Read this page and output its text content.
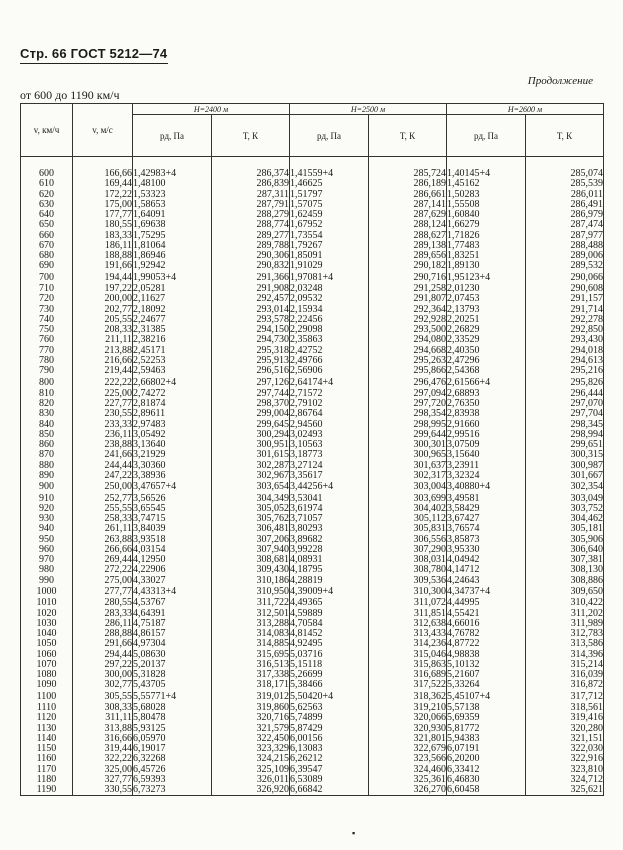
Стр. 66 ГОСТ 5212—74
Продолжение
от 600 до 1190 км/ч
v, км/ч	v, м/с	H=2400 м		H=2500 м		H=2600 м	
		pд, Па	T, К	pд, Па	T, К	pд, Па	T, К
600	166,66	1,42983+4	286,374	1,41559+4	285,724	1,40145+4	285,074
610	169,44	1,48100	286,839	1,46625	286,189	1,45162	285,539
620	172,22	1,53323	287,311	1,51797	286,661	1,50283	286,011
630	175,00	1,58653	287,791	1,57075	287,141	1,55508	286,491
640	177,77	1,64091	288,279	1,62459	287,629	1,60840	286,979
650	180,55	1,69638	288,774	1,67952	288,124	1,66279	287,474
660	183,33	1,75295	289,277	1,73554	288,627	1,71826	287,977
670	186,11	1,81064	289,788	1,79267	289,138	1,77483	288,488
680	188,88	1,86946	290,306	1,85091	289,656	1,83251	289,006
690	191,66	1,92942	290,832	1,91029	290,182	1,89130	289,532
700	194,44	1,99053+4	291,366	1,97081+4	290,716	1,95123+4	290,066
710	197,22	2,05281	291,908	2,03248	291,258	2,01230	290,608
720	200,00	2,11627	292,457	2,09532	291,807	2,07453	291,157
730	202,77	2,18092	293,014	2,15934	292,364	2,13793	291,714
740	205,55	2,24677	293,578	2,22456	292,928	2,20251	292,278
750	208,33	2,31385	294,150	2,29098	293,500	2,26829	292,850
760	211,11	2,38216	294,730	2,35863	294,080	2,33529	293,430
770	213,88	2,45171	295,318	2,42752	294,668	2,40350	294,018
780	216,66	2,52253	295,913	2,49766	295,263	2,47296	294,613
790	219,44	2,59463	296,516	2,56906	295,866	2,54368	295,216
800	222,22	2,66802+4	297,126	2,64174+4	296,476	2,61566+4	295,826
810	225,00	2,74272	297,744	2,71572	297,094	2,68893	296,444
820	227,77	2,81874	298,370	2,79102	297,720	2,76350	297,070
830	230,55	2,89611	299,004	2,86764	298,354	2,83938	297,704
840	233,33	2,97483	299,645	2,94560	298,995	2,91660	298,345
850	236,11	3,05492	300,294	3,02493	299,644	2,99516	298,994
860	238,88	3,13640	300,951	3,10563	300,301	3,07509	299,651
870	241,66	3,21929	301,615	3,18773	300,965	3,15640	300,315
880	244,44	3,30360	302,287	3,27124	301,637	3,23911	300,987
890	247,22	3,38936	302,967	3,35617	302,317	3,32324	301,667
900	250,00	3,47657+4	303,654	3,44256+4	303,004	3,40880+4	302,354
910	252,77	3,56526	304,349	3,53041	303,699	3,49581	303,049
920	255,55	3,65545	305,052	3,61974	304,402	3,58429	303,752
930	258,33	3,74715	305,762	3,71057	305,112	3,67427	304,462
940	261,11	3,84039	306,481	3,80293	305,831	3,76574	305,181
950	263,88	3,93518	307,206	3,89682	306,556	3,85873	305,906
960	266,66	4,03154	307,940	3,99228	307,290	3,95330	306,640
970	269,44	4,12950	308,681	4,08931	308,031	4,04942	307,381
980	272,22	4,22906	309,430	4,18795	308,780	4,14712	308,130
990	275,00	4,33027	310,186	4,28819	309,536	4,24643	308,886
1000	277,77	4,43313+4	310,950	4,39009+4	310,300	4,34737+4	309,650
1010	280,55	4,53767	311,722	4,49365	311,072	4,44995	310,422
1020	283,33	4,64391	312,501	4,59889	311,851	4,55421	311,202
1030	286,11	4,75187	313,288	4,70584	312,638	4,66016	311,989
1040	288,88	4,86157	314,083	4,81452	313,433	4,76782	312,783
1050	291,66	4,97304	314,885	4,92495	314,236	4,87722	313,586
1060	294,44	5,08630	315,695	5,03716	315,046	4,98838	314,396
1070	297,22	5,20137	316,513	5,15118	315,863	5,10132	315,214
1080	300,00	5,31828	317,338	5,26699	316,689	5,21607	316,039
1090	302,77	5,43705	318,171	5,38466	317,522	5,33264	316,872
1100	305,55	5,55771+4	319,012	5,50420+4	318,362	5,45107+4	317,712
1110	308,33	5,68028	319,860	5,62563	319,210	5,57138	318,561
1120	311,11	5,80478	320,716	5,74899	320,066	5,69359	319,416
1130	313,88	5,93125	321,579	5,87429	320,930	5,81772	320,280
1140	316,66	6,05970	322,450	6,00156	321,801	5,94383	321,151
1150	319,44	6,19017	323,329	6,13083	322,679	6,07191	322,030
1160	322,22	6,32268	324,215	6,26212	323,566	6,20200	322,916
1170	325,00	6,45726	325,109	6,39547	324,460	6,33412	323,810
1180	327,77	6,59393	326,011	6,53089	325,361	6,46830	324,712
1190	330,55	6,73273	326,920	6,66842	326,270	6,60458	325,621
▪
